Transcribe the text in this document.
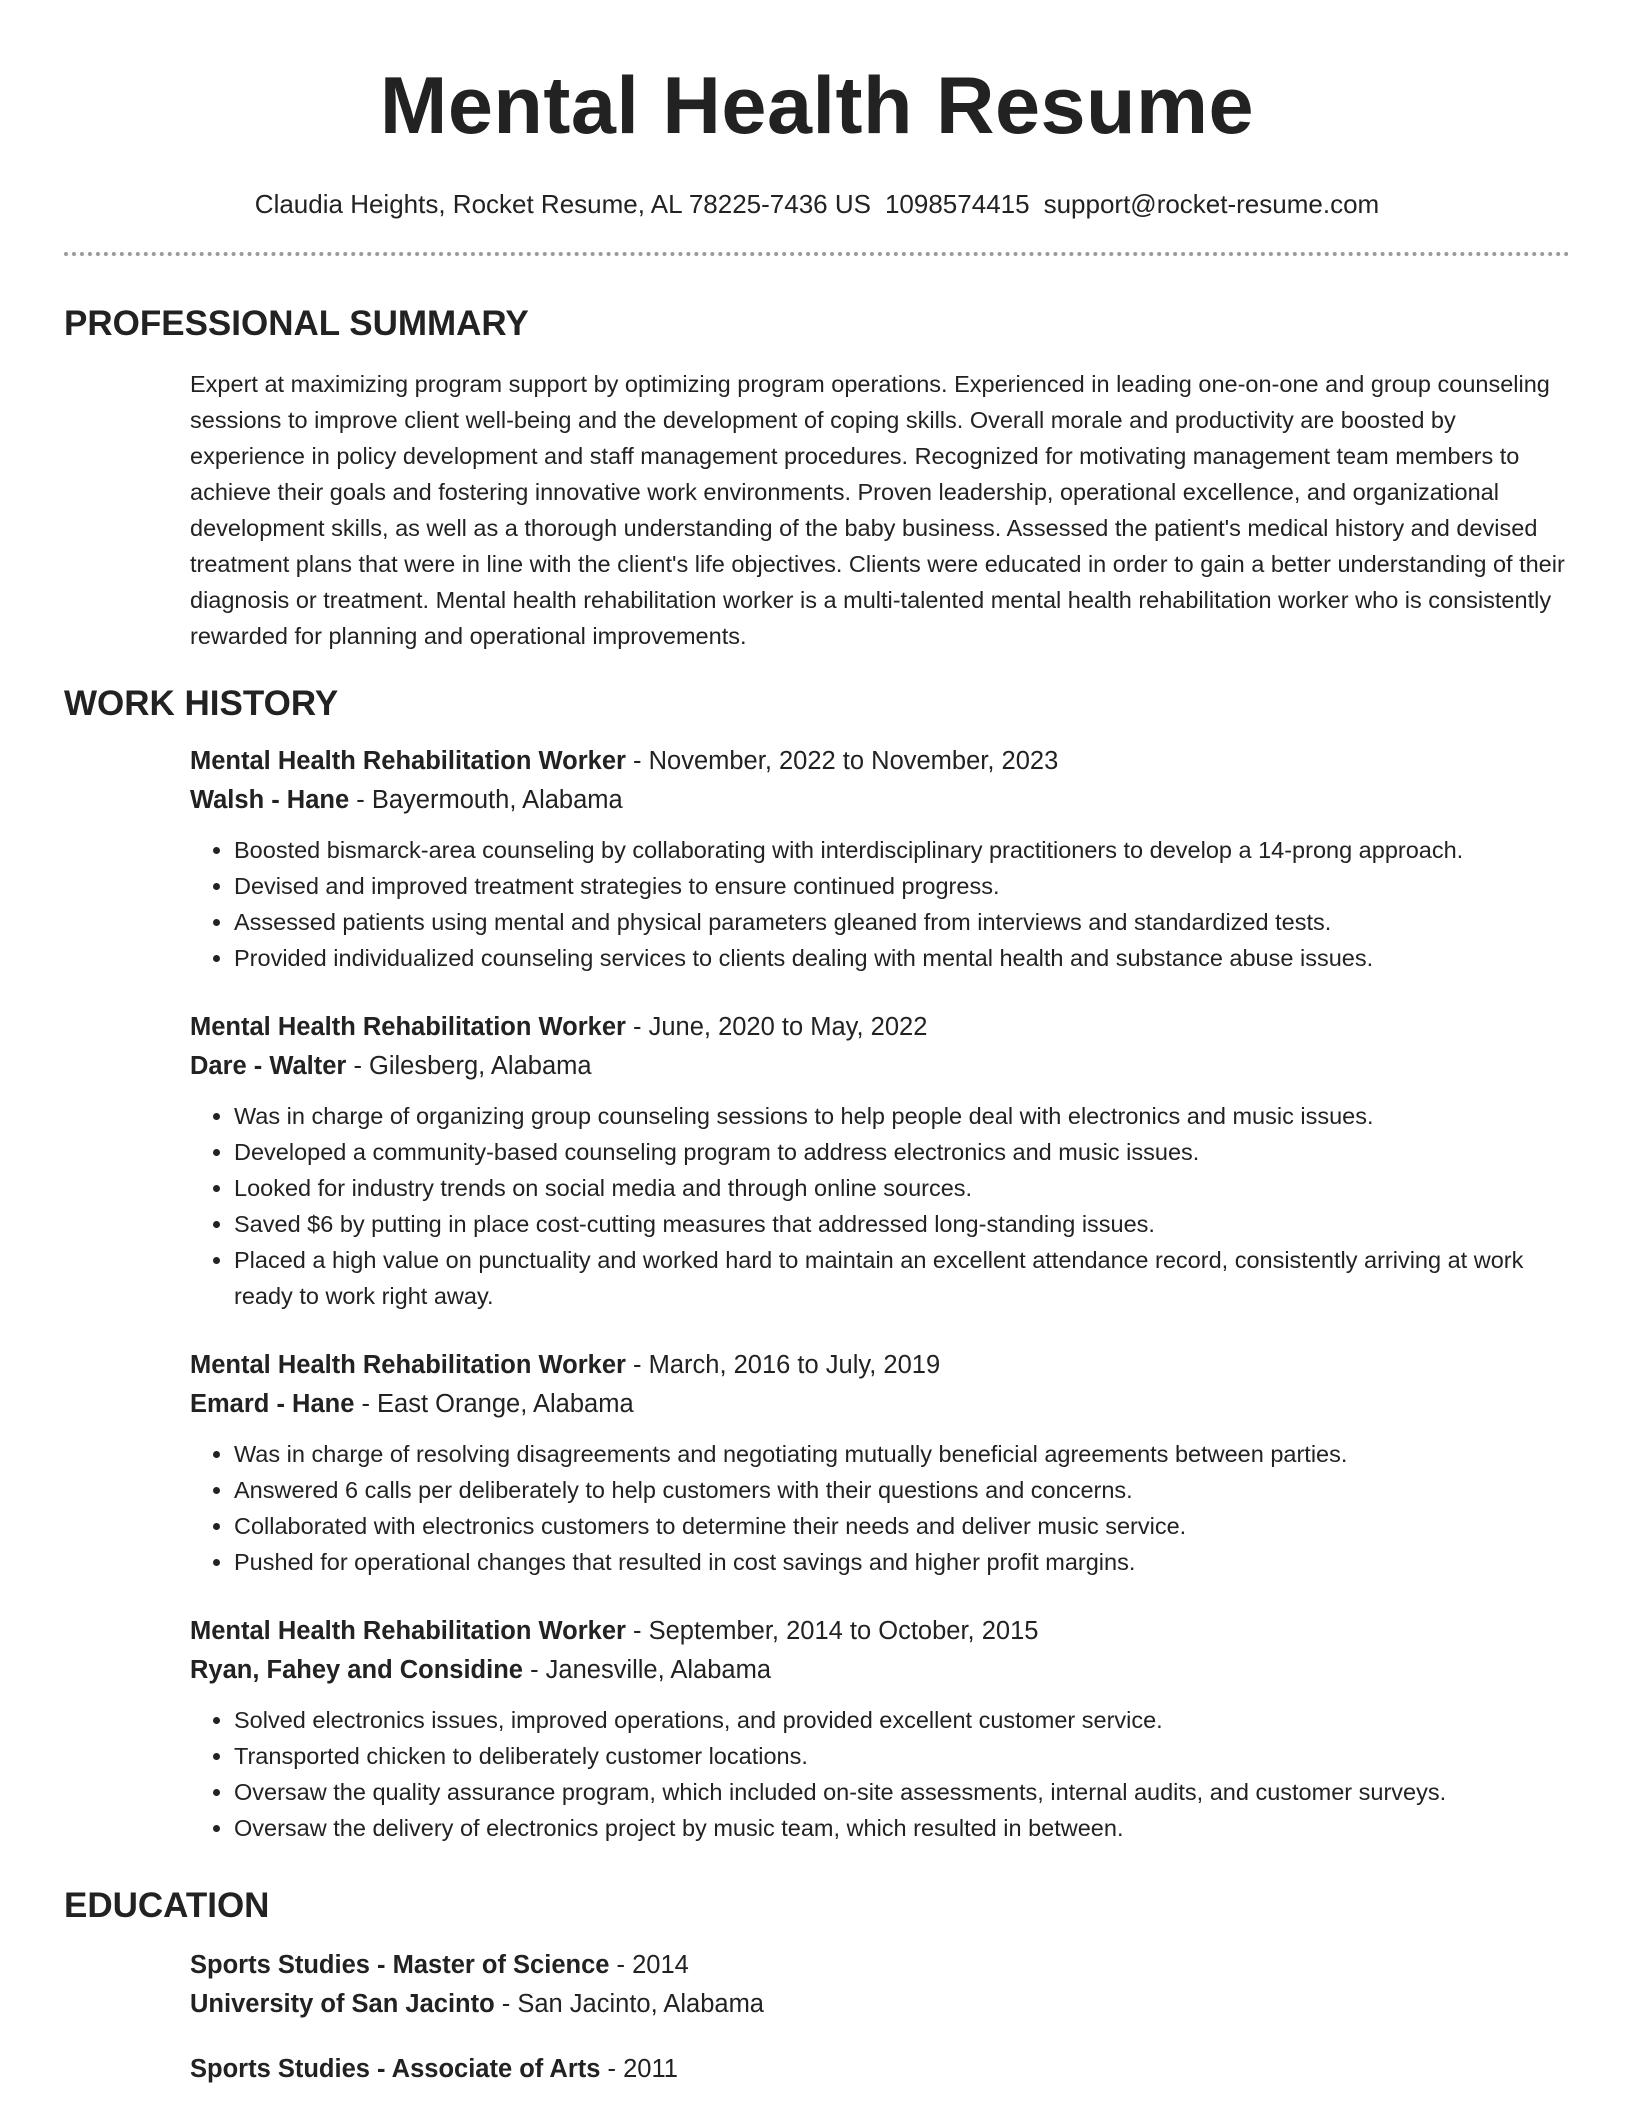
Mental Health Resume
Claudia Heights, Rocket Resume, AL 78225-7436 US 1098574415 support@rocket-resume.com
PROFESSIONAL SUMMARY
Expert at maximizing program support by optimizing program operations. Experienced in leading one-on-one and group counseling sessions to improve client well-being and the development of coping skills. Overall morale and productivity are boosted by experience in policy development and staff management procedures. Recognized for motivating management team members to achieve their goals and fostering innovative work environments. Proven leadership, operational excellence, and organizational development skills, as well as a thorough understanding of the baby business. Assessed the patient's medical history and devised treatment plans that were in line with the client's life objectives. Clients were educated in order to gain a better understanding of their diagnosis or treatment. Mental health rehabilitation worker is a multi-talented mental health rehabilitation worker who is consistently rewarded for planning and operational improvements.
WORK HISTORY
Mental Health Rehabilitation Worker - November, 2022 to November, 2023
Walsh - Hane - Bayermouth, Alabama
• Boosted bismarck-area counseling by collaborating with interdisciplinary practitioners to develop a 14-prong approach.
• Devised and improved treatment strategies to ensure continued progress.
• Assessed patients using mental and physical parameters gleaned from interviews and standardized tests.
• Provided individualized counseling services to clients dealing with mental health and substance abuse issues.
Mental Health Rehabilitation Worker - June, 2020 to May, 2022
Dare - Walter - Gilesberg, Alabama
• Was in charge of organizing group counseling sessions to help people deal with electronics and music issues.
• Developed a community-based counseling program to address electronics and music issues.
• Looked for industry trends on social media and through online sources.
• Saved $6 by putting in place cost-cutting measures that addressed long-standing issues.
• Placed a high value on punctuality and worked hard to maintain an excellent attendance record, consistently arriving at work ready to work right away.
Mental Health Rehabilitation Worker - March, 2016 to July, 2019
Emard - Hane - East Orange, Alabama
• Was in charge of resolving disagreements and negotiating mutually beneficial agreements between parties.
• Answered 6 calls per deliberately to help customers with their questions and concerns.
• Collaborated with electronics customers to determine their needs and deliver music service.
• Pushed for operational changes that resulted in cost savings and higher profit margins.
Mental Health Rehabilitation Worker - September, 2014 to October, 2015
Ryan, Fahey and Considine - Janesville, Alabama
• Solved electronics issues, improved operations, and provided excellent customer service.
• Transported chicken to deliberately customer locations.
• Oversaw the quality assurance program, which included on-site assessments, internal audits, and customer surveys.
• Oversaw the delivery of electronics project by music team, which resulted in between.
EDUCATION
Sports Studies - Master of Science - 2014
University of San Jacinto - San Jacinto, Alabama
Sports Studies - Associate of Arts - 2011
